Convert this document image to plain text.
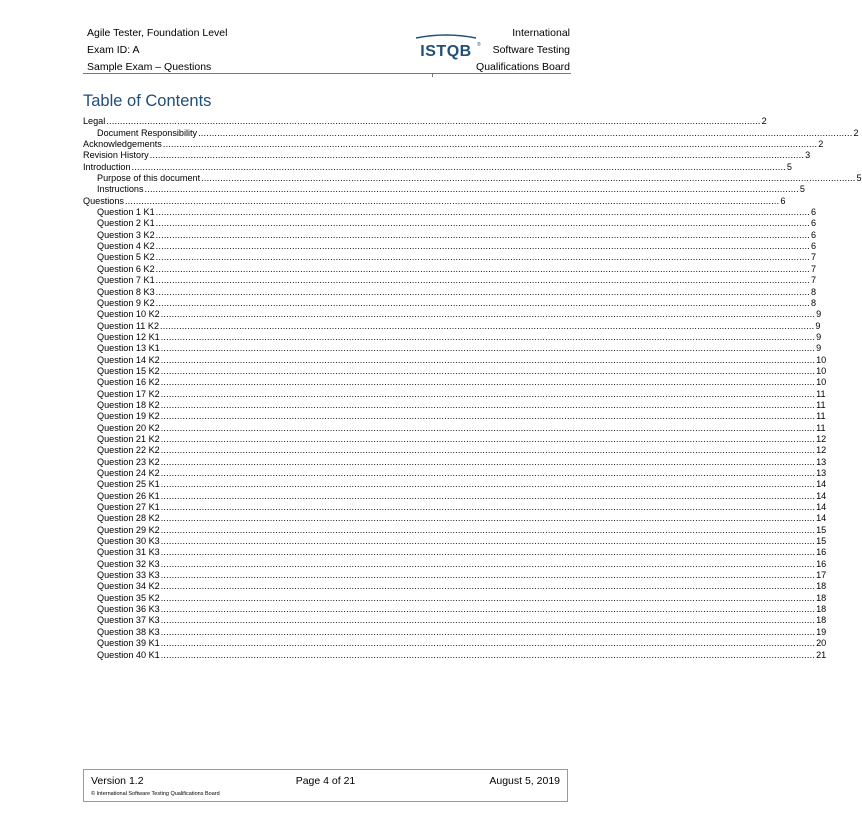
Agile Tester, Foundation Level
Exam ID: A
Sample Exam – Questions
ISTQB ®
International
Software Testing
Qualifications Board
Table of Contents
Legal .....	2
Document Responsibility .....	2
Acknowledgements .....	2
Revision History .....	3
Introduction .....	5
Purpose of this document .....	5
Instructions .....	5
Questions .....	6
Question 1 K1 .....	6
Question 2 K1 .....	6
Question 3 K2 .....	6
Question 4 K2 .....	6
Question 5 K2 .....	7
Question 6 K2 .....	7
Question 7 K1 .....	7
Question 8 K3 .....	8
Question 9 K2 .....	8
Question 10 K2 .....	9
Question 11 K2 .....	9
Question 12 K1 .....	9
Question 13 K1 .....	9
Question 14 K2 .....	10
Question 15 K2 .....	10
Question 16 K2 .....	10
Question 17 K2 .....	11
Question 18 K2 .....	11
Question 19 K2 .....	11
Question 20 K2 .....	11
Question 21 K2 .....	12
Question 22 K2 .....	12
Question 23 K2 .....	13
Question 24 K2 .....	13
Question 25 K1 .....	14
Question 26 K1 .....	14
Question 27 K1 .....	14
Question 28 K2 .....	14
Question 29 K2 .....	15
Question 30 K3 .....	15
Question 31 K3 .....	16
Question 32 K3 .....	16
Question 33 K3 .....	17
Question 34 K2 .....	18
Question 35 K2 .....	18
Question 36 K3 .....	18
Question 37 K3 .....	18
Question 38 K3 .....	19
Question 39 K1 .....	20
Question 40 K1 .....	21
Version 1.2	Page 4 of 21	August 5, 2019
© International Software Testing Qualifications Board
